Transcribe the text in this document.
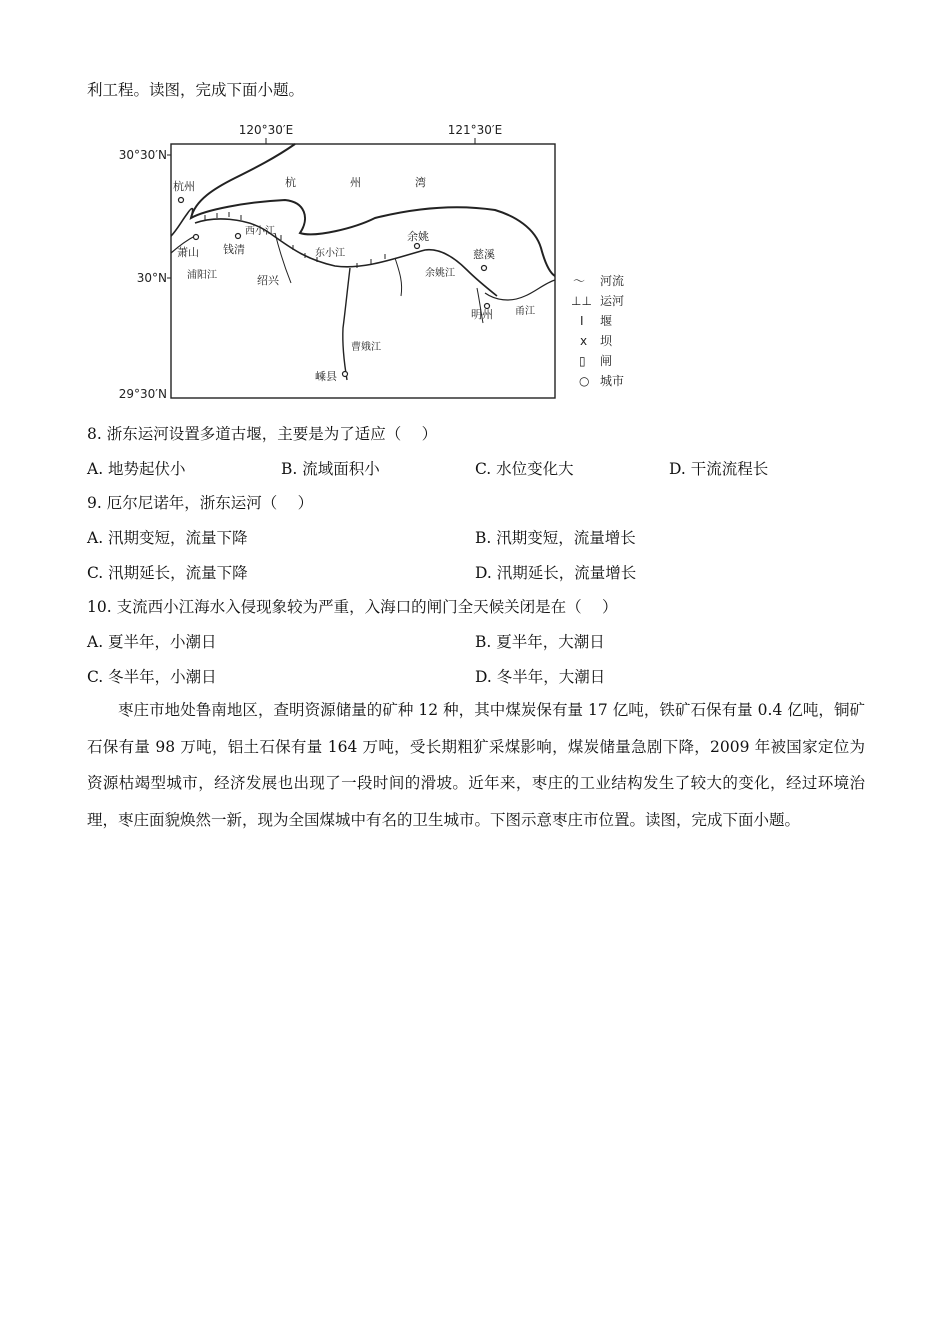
利工程。读图，完成下面小题。
120°30′E	121°30′E
30°30′N
30°N
29°30′N
杭	州	湾
杭州
萧山 钱清
绍兴
余姚
慈溪
明州
嵊县
西小江
曹娥江
甬江
浦阳江	余姚江
东小江
〜 河流
⊥⊥ 运河
I 堰
x 坝
▯ 闸
○ 城市
8. 浙东运河设置多道古堰，主要是为了适应（　 ）
A. 地势起伏小	B. 流域面积小	C. 水位变化大	D. 干流流程长
9. 厄尔尼诺年，浙东运河（　 ）
A. 汛期变短，流量下降	B. 汛期变短，流量增长
C. 汛期延长，流量下降	D. 汛期延长，流量增长
10. 支流西小江海水入侵现象较为严重，入海口的闸门全天候关闭是在（　 ）
A. 夏半年，小潮日	B. 夏半年，大潮日
C. 冬半年，小潮日	D. 冬半年，大潮日
枣庄市地处鲁南地区，查明资源储量的矿种 12 种，其中煤炭保有量 17 亿吨，铁矿石保有量 0.4 亿吨，铜矿石保有量 98 万吨，铝土石保有量 164 万吨，受长期粗犷采煤影响，煤炭储量急剧下降，2009 年被国家定位为资源枯竭型城市，经济发展也出现了一段时间的滑坡。近年来，枣庄的工业结构发生了较大的变化，经过环境治理，枣庄面貌焕然一新，现为全国煤城中有名的卫生城市。下图示意枣庄市位置。读图，完成下面小题。
